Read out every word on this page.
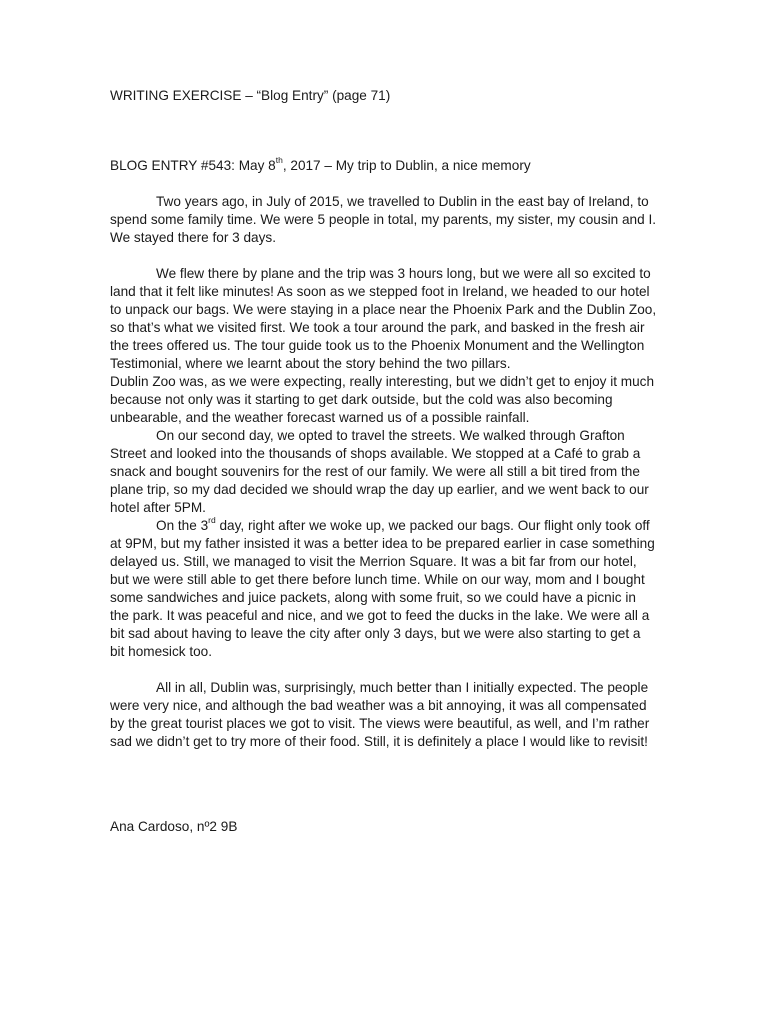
WRITING EXERCISE – “Blog Entry” (page 71)
BLOG ENTRY #543: May 8th, 2017 – My trip to Dublin, a nice memory

Two years ago, in July of 2015, we travelled to Dublin in the east bay of Ireland, to spend some family time. We were 5 people in total, my parents, my sister, my cousin and I. We stayed there for 3 days.

We flew there by plane and the trip was 3 hours long, but we were all so excited to land that it felt like minutes! As soon as we stepped foot in Ireland, we headed to our hotel to unpack our bags. We were staying in a place near the Phoenix Park and the Dublin Zoo, so that’s what we visited first. We took a tour around the park, and basked in the fresh air the trees offered us. The tour guide took us to the Phoenix Monument and the Wellington Testimonial, where we learnt about the story behind the two pillars.

Dublin Zoo was, as we were expecting, really interesting, but we didn’t get to enjoy it much because not only was it starting to get dark outside, but the cold was also becoming unbearable, and the weather forecast warned us of a possible rainfall.

On our second day, we opted to travel the streets. We walked through Grafton Street and looked into the thousands of shops available. We stopped at a Café to grab a snack and bought souvenirs for the rest of our family. We were all still a bit tired from the plane trip, so my dad decided we should wrap the day up earlier, and we went back to our hotel after 5PM.

On the 3rd day, right after we woke up, we packed our bags. Our flight only took off at 9PM, but my father insisted it was a better idea to be prepared earlier in case something delayed us. Still, we managed to visit the Merrion Square. It was a bit far from our hotel, but we were still able to get there before lunch time. While on our way, mom and I bought some sandwiches and juice packets, along with some fruit, so we could have a picnic in the park. It was peaceful and nice, and we got to feed the ducks in the lake. We were all a bit sad about having to leave the city after only 3 days, but we were also starting to get a bit homesick too.

All in all, Dublin was, surprisingly, much better than I initially expected. The people were very nice, and although the bad weather was a bit annoying, it was all compensated by the great tourist places we got to visit. The views were beautiful, as well, and I’m rather sad we didn’t get to try more of their food. Still, it is definitely a place I would like to revisit!

Ana Cardoso, nº2 9B
